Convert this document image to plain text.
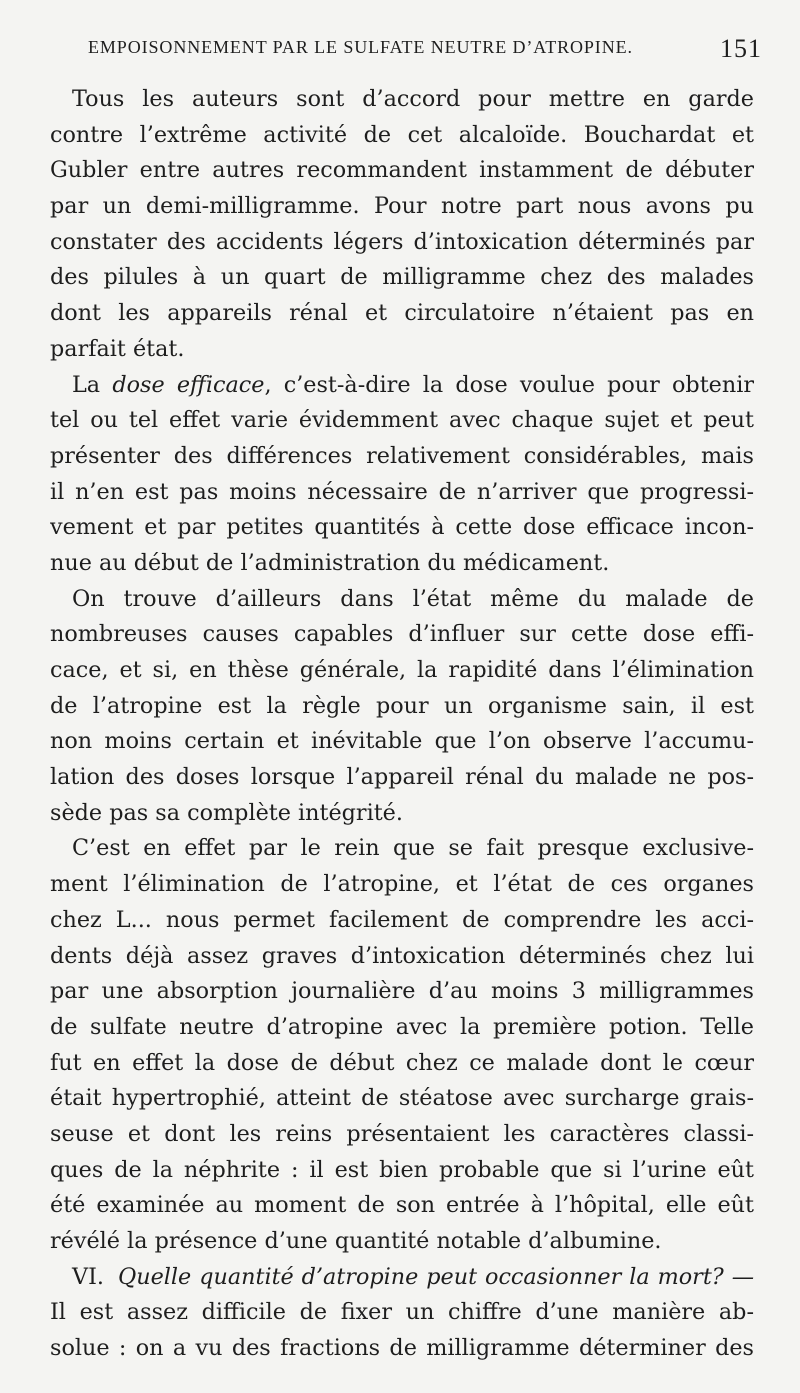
EMPOISONNEMENT PAR LE SULFATE NEUTRE D’ATROPINE.	151
Tous les auteurs sont d’accord pour mettre en garde
contre l’extrême activité de cet alcaloïde. Bouchardat et
Gubler entre autres recommandent instamment de débuter
par un demi-milligramme. Pour notre part nous avons pu
constater des accidents légers d’intoxication déterminés par
des pilules à un quart de milligramme chez des malades
dont les appareils rénal et circulatoire n’étaient pas en
parfait état.
La dose efficace, c’est-à-dire la dose voulue pour obtenir
tel ou tel effet varie évidemment avec chaque sujet et peut
présenter des différences relativement considérables, mais
il n’en est pas moins nécessaire de n’arriver que progressi-
vement et par petites quantités à cette dose efficace incon-
nue au début de l’administration du médicament.
On trouve d’ailleurs dans l’état même du malade de
nombreuses causes capables d’influer sur cette dose effi-
cace, et si, en thèse générale, la rapidité dans l’élimination
de l’atropine est la règle pour un organisme sain, il est
non moins certain et inévitable que l’on observe l’accumu-
lation des doses lorsque l’appareil rénal du malade ne pos-
sède pas sa complète intégrité.
C’est en effet par le rein que se fait presque exclusive-
ment l’élimination de l’atropine, et l’état de ces organes
chez L... nous permet facilement de comprendre les acci-
dents déjà assez graves d’intoxication déterminés chez lui
par une absorption journalière d’au moins 3 milligrammes
de sulfate neutre d’atropine avec la première potion. Telle
fut en effet la dose de début chez ce malade dont le cœur
était hypertrophié, atteint de stéatose avec surcharge grais-
seuse et dont les reins présentaient les caractères classi-
ques de la néphrite : il est bien probable que si l’urine eût
été examinée au moment de son entrée à l’hôpital, elle eût
révélé la présence d’une quantité notable d’albumine.
VI. Quelle quantité d’atropine peut occasionner la mort? —
Il est assez difficile de fixer un chiffre d’une manière ab-
solue : on a vu des fractions de milligramme déterminer des
